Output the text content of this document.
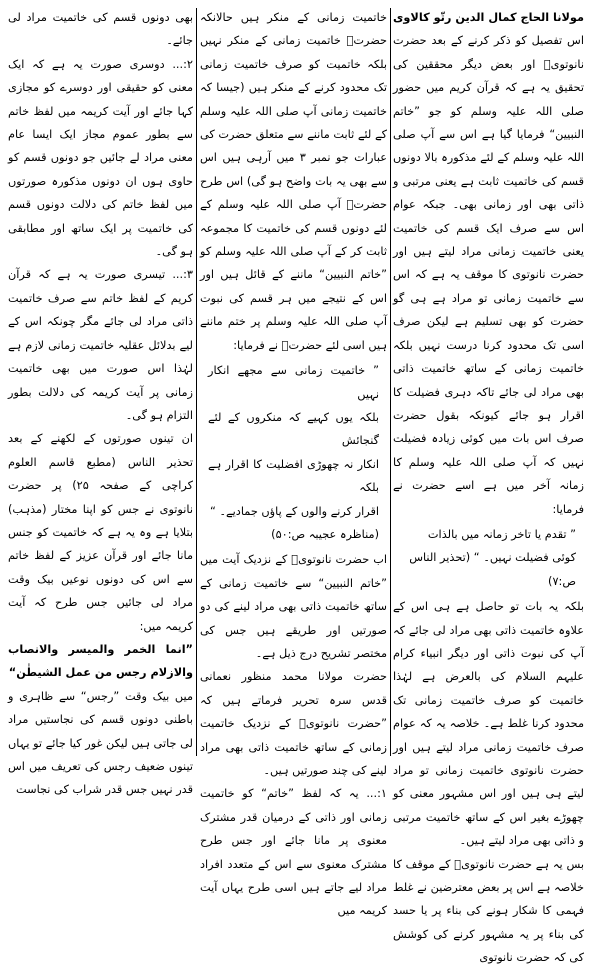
مولانا الحاج کمال الدین رتّو کالاوی

اس تفصیل کو ذکر کرنے کے بعد حضرت نانوتویؒ اور بعض دیگر محققین کی تحقیق یہ ہے کہ قرآن کریم میں حضور صلی اللہ علیہ وسلم کو جو ”خاتم النبیین“ فرمایا گیا ہے اس سے آپ صلی اللہ علیہ وسلم کے لئے مذکورہ بالا دونوں قسم کی خاتمیت ثابت ہے یعنی مرتبی و ذاتی بھی اور زمانی بھی۔ جبکہ عوام اس سے صرف ایک قسم کی خاتمیت یعنی خاتمیت زمانی مراد لیتے ہیں اور حضرت نانوتوی کا موقف یہ ہے کہ اس سے خاتمیت زمانی تو مراد ہے ہی گو حضرت کو بھی تسلیم ہے لیکن صرف اسی تک محدود کرنا درست نہیں بلکہ خاتمیت زمانی کے ساتھ خاتمیت ذاتی بھی مراد لی جائے تاکہ دہری فضیلت کا اقرار ہو جائے کیونکہ بقول حضرت صرف اس بات میں کوئی زیادہ فضیلت نہیں کہ آپ صلی اللہ علیہ وسلم کا زمانہ آخر میں ہے اسے حضرت نے فرمایا:

” تقدم یا تاخر زمانہ میں بالذات
کوئی فضیلت نہیں۔ “ (تحذیر الناس
ص:۷)

بلکہ یہ بات تو حاصل ہے ہی اس کے علاوہ خاتمیت ذاتی بھی مراد لی جائے کہ آپ کی نبوت ذاتی اور دیگر انبیاء کرام علیہم السلام کی بالعرض ہے لہٰذا خاتمیت کو صرف خاتمیت زمانی تک محدود کرنا غلط ہے۔ خلاصہ یہ کہ عوام صرف خاتمیت زمانی مراد لیتے ہیں اور حضرت نانوتوی خاتمیت زمانی تو مراد لیتے ہی ہیں اور اس مشہور معنی کو چھوڑے بغیر اس کے ساتھ خاتمیت مرتبی و ذاتی بھی مراد لیتے ہیں۔

بس یہ ہے حضرت نانوتویؒ کے موقف کا خلاصہ ہے اس پر بعض معترضین نے غلط فہمی کا شکار ہونے کی بناء پر یا حسد کی بناء پر یہ مشہور کرنے کی کوشش کی کہ حضرت نانوتوی

خاتمیت زمانی کے منکر ہیں حالانکہ حضرتؒ خاتمیت زمانی کے منکر نہیں بلکہ خاتمیت کو صرف خاتمیت زمانی تک محدود کرنے کے منکر ہیں (جیسا کہ خاتمیت زمانی آپ صلی اللہ علیہ وسلم کے لئے ثابت ماننے سے متعلق حضرت کی عبارات جو نمبر ۳ میں آرہی ہیں اس سے بھی یہ بات واضح ہو گی) اس طرح حضرتؒ آپ صلی اللہ علیہ وسلم کے لئے دونوں قسم کی خاتمیت کا مجموعہ ثابت کر کے آپ صلی اللہ علیہ وسلم کو ”خاتم النبیین“ ماننے کے قائل ہیں اور اس کے نتیجے میں ہر قسم کی نبوت آپ صلی اللہ علیہ وسلم پر ختم ماننے ہیں اسی لئے حضرتؒ نے فرمایا:

” خاتمیت زمانی سے مجھے انکار نہیں
بلکہ یوں کہیے کہ منکروں کے لئے گنجائش
انکار نہ چھوڑی افضلیت کا اقرار ہے بلکہ
اقرار کرنے والوں کے پاؤں جمادیے۔ “
(مناظرہ عجیبہ ص:۵۰)

اب حضرت نانوتویؒ کے نزدیک آیت میں ”خاتم النبیین“ سے خاتمیت زمانی کے ساتھ خاتمیت ذاتی بھی مراد لینے کی دو صورتیں اور طریقے ہیں جس کی مختصر تشریح درج ذیل ہے۔

حضرت مولانا محمد منظور نعمانی قدس سرہ تحریر فرماتے ہیں کہ ”حضرت نانوتویؒ کے نزدیک خاتمیت زمانی کے ساتھ خاتمیت ذاتی بھی مراد لینے کی چند صورتیں ہیں۔

۱:... یہ کہ لفظ ”خاتم“ کو خاتمیت زمانی اور ذاتی کے درمیان قدر مشترک معنوی پر مانا جائے اور جس طرح مشترک معنوی سے اس کے متعدد افراد مراد لیے جاتے ہیں اسی طرح یہاں آیت کریمہ میں

بھی دونوں قسم کی خاتمیت مراد لی جائے۔

۲:... دوسری صورت یہ ہے کہ ایک معنی کو حقیقی اور دوسرے کو مجازی کہا جائے اور آیت کریمہ میں لفظ خاتم سے بطور عموم مجاز ایک ایسا عام معنی مراد لے جائیں جو دونوں قسم کو حاوی ہوں ان دونوں مذکورہ صورتوں میں لفظ خاتم کی دلالت دونوں قسم کی خاتمیت پر ایک ساتھ اور مطابقی ہو گی۔

۳:... تیسری صورت یہ ہے کہ قرآن کریم کے لفظ خاتم سے صرف خاتمیت ذاتی مراد لی جائے مگر چونکہ اس کے لیے بدلائل عقلیہ خاتمیت زمانی لازم ہے لہٰذا اس صورت میں بھی خاتمیت زمانی پر آیت کریمہ کی دلالت بطور التزام ہو گی۔

ان تینوں صورتوں کے لکھنے کے بعد تحذیر الناس (مطبع قاسم العلوم کراچی کے صفحہ ۲۵) پر حضرت نانوتوی نے جس کو اپنا مختار (مذہب) بتلایا ہے وہ یہ ہے کہ خاتمیت کو جنس مانا جائے اور قرآن عزیز کے لفظ خاتم سے اس کی دونوں نوعیں بیک وقت مراد لی جائیں جس طرح کہ آیت کریمہ میں:

”انما الخمر والمیسر والانصاب والازلام رجس من عمل الشیطٰن“

میں بیک وقت ”رجس“ سے ظاہری و باطنی دونوں قسم کی نجاستیں مراد لی جاتی ہیں لیکن غور کیا جائے تو یہاں تینوں ضعیف رجس کی تعریف میں اس قدر نہیں جس قدر شراب کی نجاست
